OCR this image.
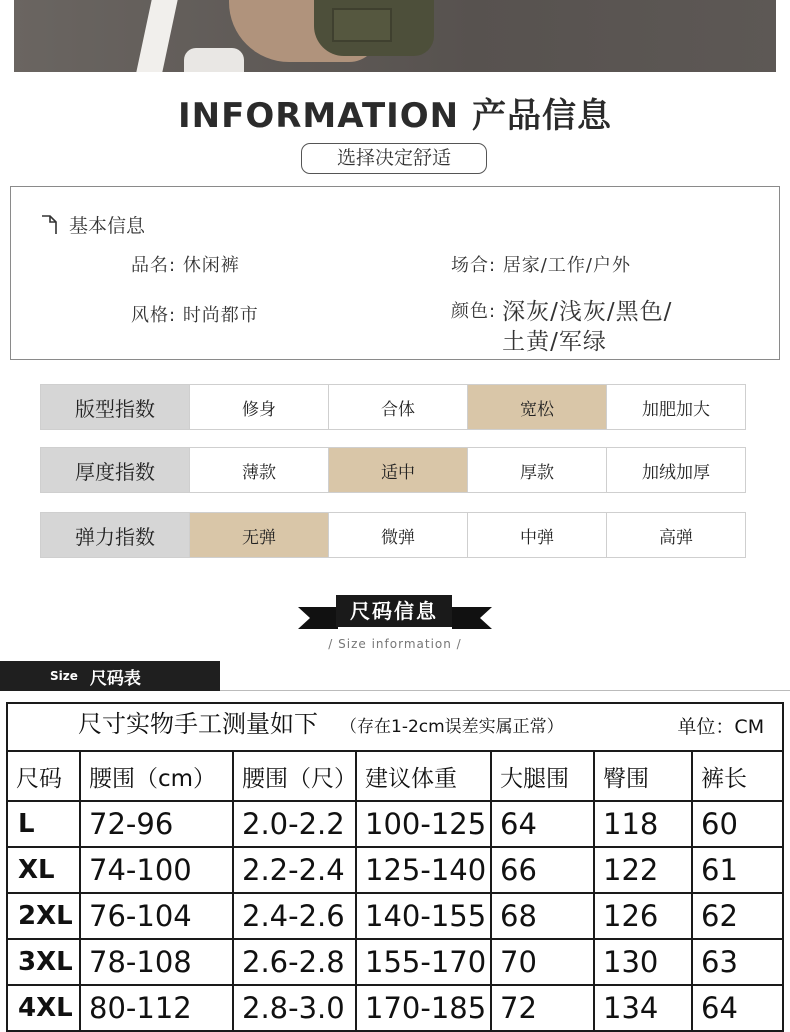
INFORMATION 产品信息
选择决定舒适
基本信息
品名: 休闲裤	场合: 居家/工作/户外
风格: 时尚都市	颜色: 深灰/浅灰/黑色/
土黄/军绿
版型指数	修身	合体	宽松	加肥加大
厚度指数	薄款	适中	厚款	加绒加厚
弹力指数	无弹	微弹	中弹	高弹
尺码信息
/ Size information /
Size 尺码表
尺寸实物手工测量如下 （存在1-2cm误差实属正常） 单位：CM						

尺码	腰围（cm）	腰围（尺）	建议体重	大腿围	臀围	裤长
L	72-96	2.0-2.2	100-125	64	118	60
XL	74-100	2.2-2.4	125-140	66	122	61
2XL	76-104	2.4-2.6	140-155	68	126	62
3XL	78-108	2.6-2.8	155-170	70	130	63
4XL	80-112	2.8-3.0	170-185	72	134	64
